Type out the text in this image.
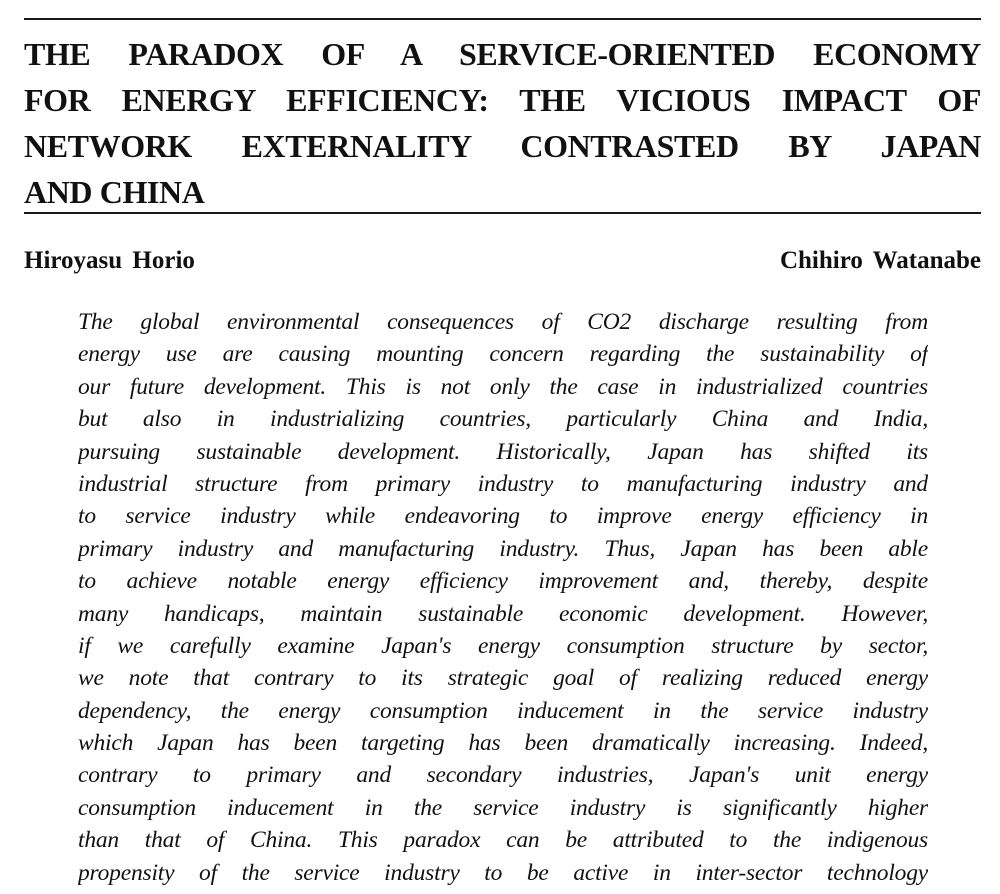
THE PARADOX OF A SERVICE-ORIENTED ECONOMY
FOR ENERGY EFFICIENCY: THE VICIOUS IMPACT OF
NETWORK EXTERNALITY CONTRASTED BY JAPAN
AND CHINA
Hiroyasu Horio	Chihiro Watanabe
The global environmental consequences of CO2 discharge resulting from
energy use are causing mounting concern regarding the sustainability of
our future development. This is not only the case in industrialized countries
but also in industrializing countries, particularly China and India,
pursuing sustainable development. Historically, Japan has shifted its
industrial structure from primary industry to manufacturing industry and
to service industry while endeavoring to improve energy efficiency in
primary industry and manufacturing industry. Thus, Japan has been able
to achieve notable energy efficiency improvement and, thereby, despite
many handicaps, maintain sustainable economic development. However,
if we carefully examine Japan's energy consumption structure by sector,
we note that contrary to its strategic goal of realizing reduced energy
dependency, the energy consumption inducement in the service industry
which Japan has been targeting has been dramatically increasing. Indeed,
contrary to primary and secondary industries, Japan's unit energy
consumption inducement in the service industry is significantly higher
than that of China. This paradox can be attributed to the indigenous
propensity of the service industry to be active in inter-sector technology
